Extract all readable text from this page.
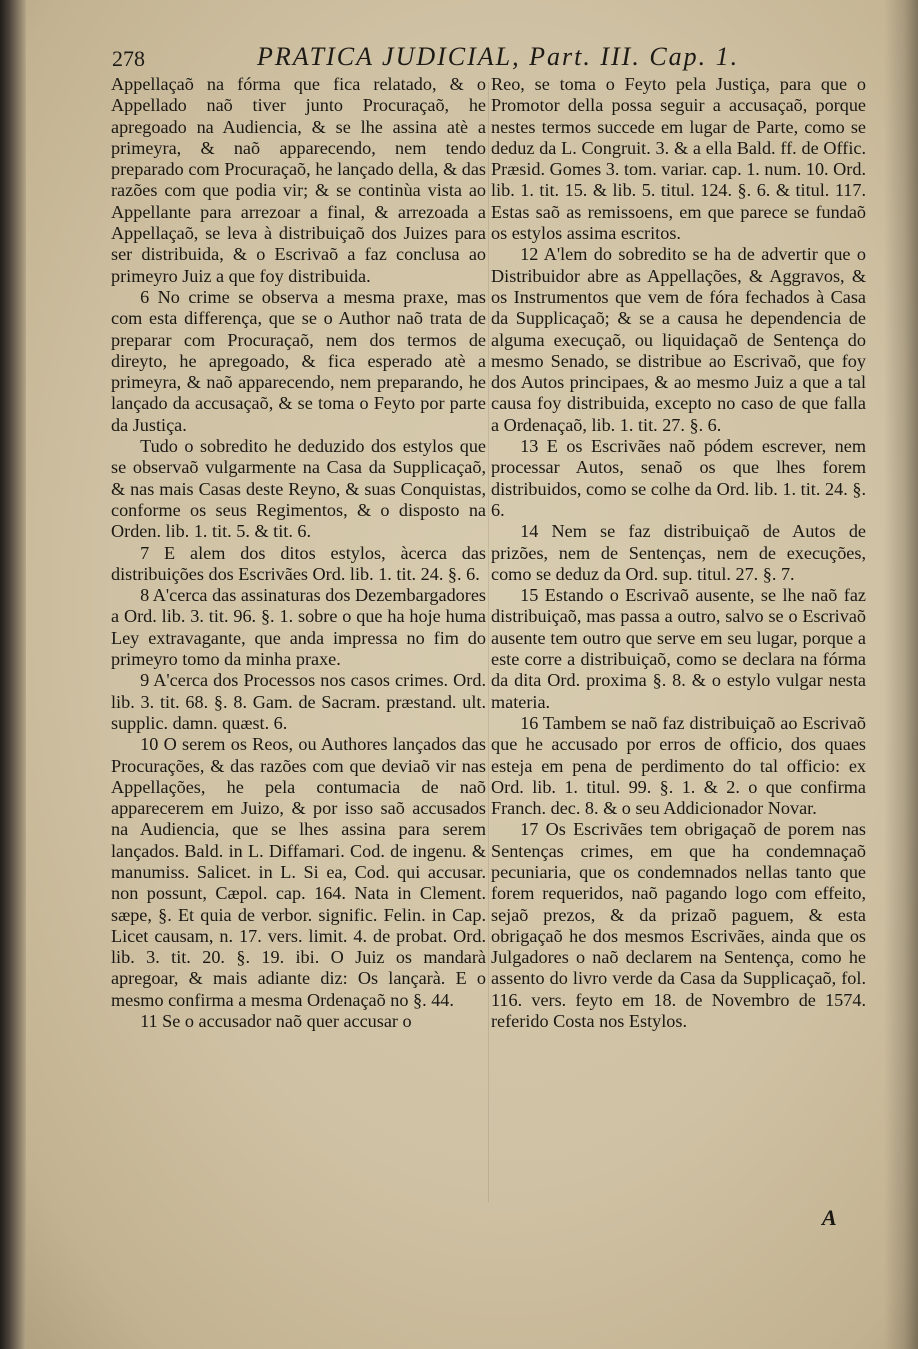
278	PRATICA JUDICIAL, Part. III. Cap. 1.

Appellaçaõ na fórma que fica relatado, & o Appellado naõ tiver junto Procuraçaõ, he apregoado na Audiencia, & se lhe assina atè a primeyra, & naõ apparecendo, nem tendo preparado com Procuraçaõ, he lançado della, & das razões com que podia vir; & se continùa vista ao Appellante para arrezoar a final, & arrezoada a Appellaçaõ, se leva à distribuiçaõ dos Juizes para ser distribuida, & o Escrivaõ a faz conclusa ao primeyro Juiz a que foy distribuida.

6 No crime se observa a mesma praxe, mas com esta differença, que se o Author naõ trata de preparar com Procuraçaõ, nem dos termos de direyto, he apregoado, & fica esperado atè a primeyra, & naõ apparecendo, nem preparando, he lançado da accusaçaõ, & se toma o Feyto por parte da Justiça.

Tudo o sobredito he deduzido dos estylos que se observaõ vulgarmente na Casa da Supplicaçaõ, & nas mais Casas deste Reyno, & suas Conquistas, conforme os seus Regimentos, & o disposto na Orden. lib. 1. tit. 5. & tit. 6.

7 E alem dos ditos estylos, àcerca das distribuições dos Escrivães Ord. lib. 1. tit. 24. §. 6.

8 A'cerca das assinaturas dos Dezembargadores a Ord. lib. 3. tit. 96. §. 1. sobre o que ha hoje huma Ley extravagante, que anda impressa no fim do primeyro tomo da minha praxe.

9 A'cerca dos Processos nos casos crimes. Ord. lib. 3. tit. 68. §. 8. Gam. de Sacram. præstand. ult. supplic. damn. quæst. 6.

10 O serem os Reos, ou Authores lançados das Procurações, & das razões com que deviaõ vir nas Appellações, he pela contumacia de naõ apparecerem em Juizo, & por isso saõ accusados na Audiencia, que se lhes assina para serem lançados. Bald. in L. Diffamari. Cod. de ingenu. & manumiss. Salicet. in L. Si ea, Cod. qui accusar. non possunt, Cæpol. cap. 164. Nata in Clement. sæpe, §. Et quia de verbor. signific. Felin. in Cap. Licet causam, n. 17. vers. limit. 4. de probat. Ord. lib. 3. tit. 20. §. 19. ibi. O Juiz os mandarà apregoar, & mais adiante diz: Os lançarà. E o mesmo confirma a mesma Ordenaçaõ no §. 44.

11 Se o accusador naõ quer accusar o

Reo, se toma o Feyto pela Justiça, para que o Promotor della possa seguir a accusaçaõ, porque nestes termos succede em lugar de Parte, como se deduz da L. Congruit. 3. & a ella Bald. ff. de Offic. Præsid. Gomes 3. tom. variar. cap. 1. num. 10. Ord. lib. 1. tit. 15. & lib. 5. titul. 124. §. 6. & titul. 117. Estas saõ as remissoens, em que parece se fundaõ os estylos assima escritos.

12 A'lem do sobredito se ha de advertir que o Distribuidor abre as Appellações, & Aggravos, & os Instrumentos que vem de fóra fechados à Casa da Supplicaçaõ; & se a causa he dependencia de alguma execuçaõ, ou liquidaçaõ de Sentença do mesmo Senado, se distribue ao Escrivaõ, que foy dos Autos principaes, & ao mesmo Juiz a que a tal causa foy distribuida, excepto no caso de que falla a Ordenaçaõ, lib. 1. tit. 27. §. 6.

13 E os Escrivães naõ pódem escrever, nem processar Autos, senaõ os que lhes forem distribuidos, como se colhe da Ord. lib. 1. tit. 24. §. 6.

14 Nem se faz distribuiçaõ de Autos de prizões, nem de Sentenças, nem de execuções, como se deduz da Ord. sup. titul. 27. §. 7.

15 Estando o Escrivaõ ausente, se lhe naõ faz distribuiçaõ, mas passa a outro, salvo se o Escrivaõ ausente tem outro que serve em seu lugar, porque a este corre a distribuiçaõ, como se declara na fórma da dita Ord. proxima §. 8. & o estylo vulgar nesta materia.

16 Tambem se naõ faz distribuiçaõ ao Escrivaõ que he accusado por erros de officio, dos quaes esteja em pena de perdimento do tal officio: ex Ord. lib. 1. titul. 99. §. 1. & 2. o que confirma Franch. dec. 8. & o seu Addicionador Novar.

17 Os Escrivães tem obrigaçaõ de porem nas Sentenças crimes, em que ha condemnaçaõ pecuniaria, que os condemnados nellas tanto que forem requeridos, naõ pagando logo com effeito, sejaõ prezos, & da prizaõ paguem, & esta obrigaçaõ he dos mesmos Escrivães, ainda que os Julgadores o naõ declarem na Sentença, como he assento do livro verde da Casa da Supplicaçaõ, fol. 116. vers. feyto em 18. de Novembro de 1574. referido Costa nos Estylos.

A
